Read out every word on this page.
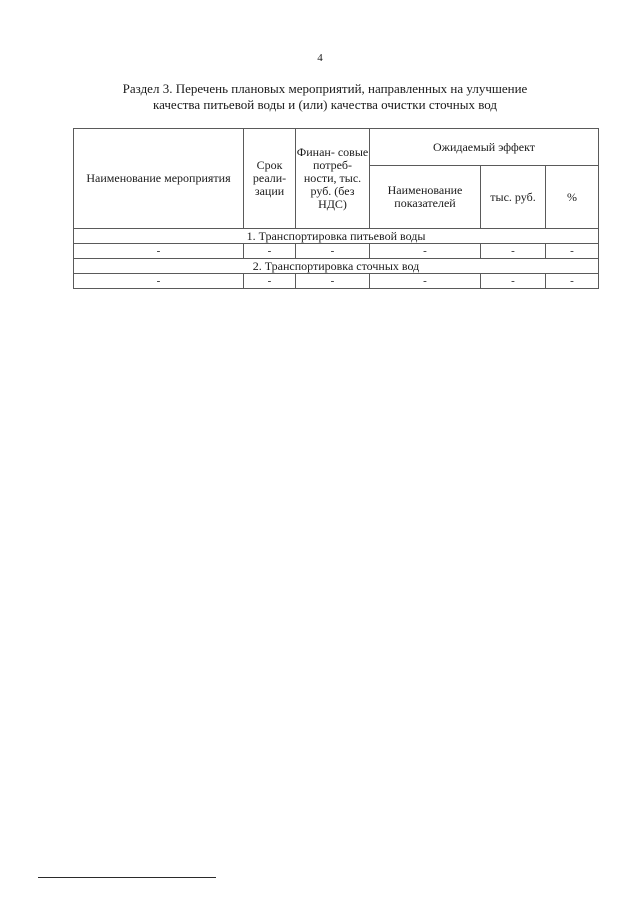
4
Раздел 3. Перечень плановых мероприятий, направленных на улучшение
качества питьевой воды и (или) качества очистки сточных вод
Наименование мероприятия	Срок реали- зации	Финан- совые потреб- ности, тыс. руб. (без НДС)	Ожидаемый эффект		
			Наименование показателей	тыс. руб.	%
1. Транспортировка питьевой воды					
-	-	-	-	-	-
2. Транспортировка сточных вод					
-	-	-	-	-	-
